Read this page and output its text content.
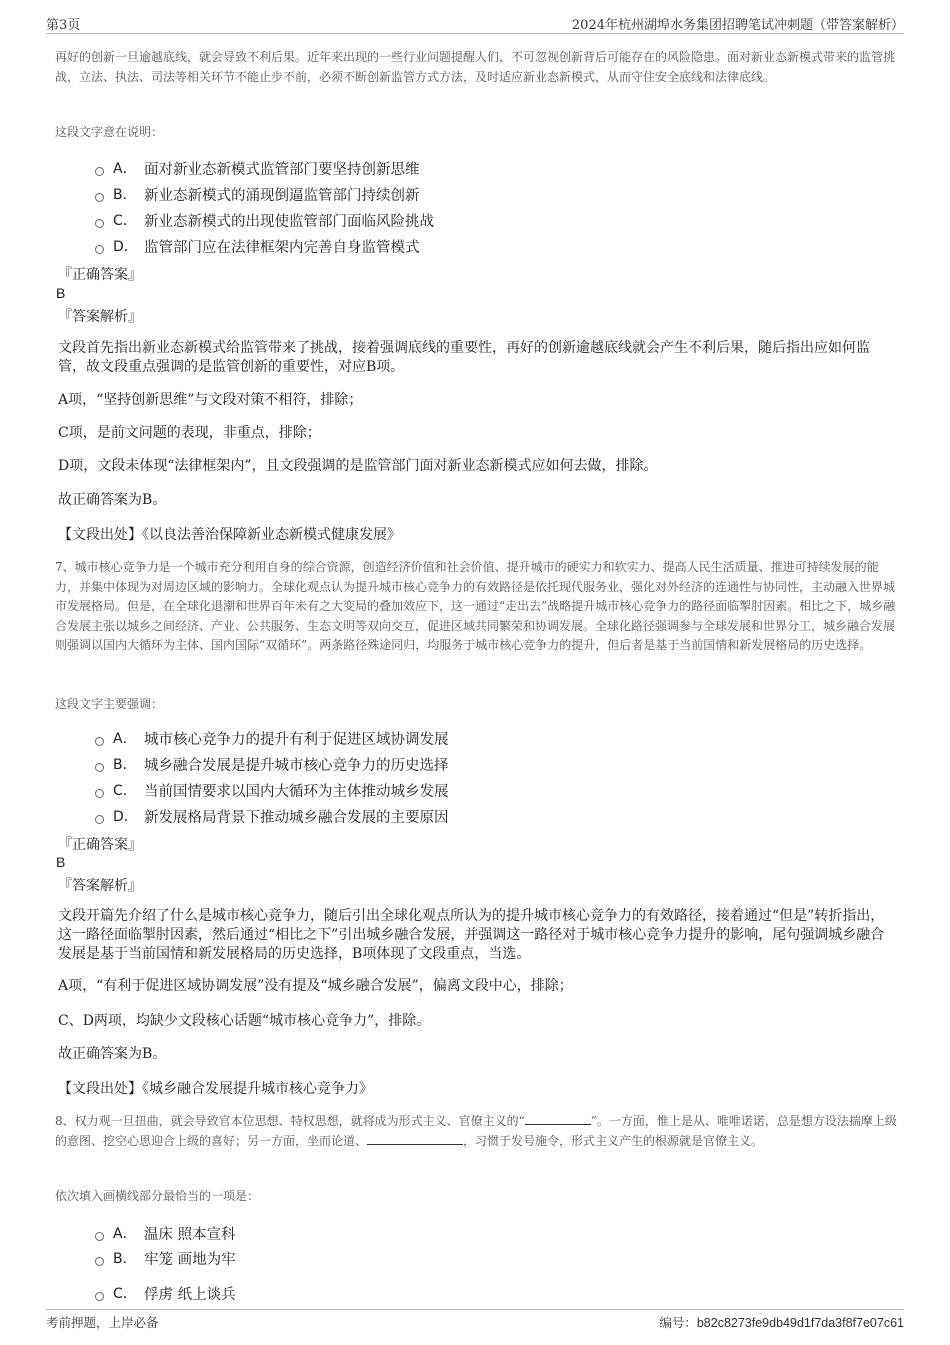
第3页	2024年杭州湖埠水务集团招聘笔试冲刺题（带答案解析）

再好的创新一旦逾越底线，就会导致不利后果。近年来出现的一些行业问题提醒人们，不可忽视创新背后可能存在的风险隐患。面对新业态新模式带来的监管挑战，立法、执法、司法等相关环节不能止步不前，必须不断创新监管方式方法，及时适应新业态新模式，从而守住安全底线和法律底线。

这段文字意在说明：

A． 面对新业态新模式监管部门要坚持创新思维
B． 新业态新模式的涌现倒逼监管部门持续创新
C． 新业态新模式的出现使监管部门面临风险挑战
D． 监管部门应在法律框架内完善自身监管模式

『正确答案』

B

『答案解析』

文段首先指出新业态新模式给监管带来了挑战，接着强调底线的重要性，再好的创新逾越底线就会产生不利后果，随后指出应如何监管，故文段重点强调的是监管创新的重要性，对应B项。

A项，“坚持创新思维”与文段对策不相符，排除；

C项，是前文问题的表现，非重点，排除；

D项，文段未体现“法律框架内”，且文段强调的是监管部门面对新业态新模式应如何去做，排除。

故正确答案为B。

【文段出处】《以良法善治保障新业态新模式健康发展》

7、城市核心竞争力是一个城市充分利用自身的综合资源，创造经济价值和社会价值、提升城市的硬实力和软实力、提高人民生活质量、推进可持续发展的能力，并集中体现为对周边区域的影响力。全球化观点认为提升城市核心竞争力的有效路径是依托现代服务业，强化对外经济的连通性与协同性，主动融入世界城市发展格局。但是，在全球化退潮和世界百年未有之大变局的叠加效应下，这一通过“走出去”战略提升城市核心竞争力的路径面临掣肘因素。相比之下，城乡融合发展主张以城乡之间经济、产业、公共服务、生态文明等双向交互，促进区域共同繁荣和协调发展。全球化路径强调参与全球发展和世界分工，城乡融合发展则强调以国内大循环为主体、国内国际“双循环”。两条路径殊途同归，均服务于城市核心竞争力的提升，但后者是基于当前国情和新发展格局的历史选择。

这段文字主要强调：

A． 城市核心竞争力的提升有利于促进区域协调发展
B． 城乡融合发展是提升城市核心竞争力的历史选择
C． 当前国情要求以国内大循环为主体推动城乡发展
D． 新发展格局背景下推动城乡融合发展的主要原因

『正确答案』

B

『答案解析』

文段开篇先介绍了什么是城市核心竞争力，随后引出全球化观点所认为的提升城市核心竞争力的有效路径，接着通过“但是”转折指出，这一路径面临掣肘因素，然后通过“相比之下”引出城乡融合发展，并强调这一路径对于城市核心竞争力提升的影响，尾句强调城乡融合发展是基于当前国情和新发展格局的历史选择，B项体现了文段重点，当选。

A项，“有利于促进区域协调发展”没有提及“城乡融合发展”，偏离文段中心，排除；

C、D两项，均缺少文段核心话题“城市核心竞争力”，排除。

故正确答案为B。

【文段出处】《城乡融合发展提升城市核心竞争力》

8、权力观一旦扭曲，就会导致官本位思想、特权思想，就将成为形式主义、官僚主义的“	”。一方面，惟上是从、唯唯诺诺，总是想方设法揣摩上级的意图、挖空心思迎合上级的喜好；另一方面，坐而论道、	，习惯于发号施令，形式主义产生的根源就是官僚主义。

依次填入画横线部分最恰当的一项是：

A． 温床 照本宣科
B． 牢笼 画地为牢
C． 俘虏 纸上谈兵
考前押题，上岸必备	编号：b82c8273fe9db49d1f7da3f8f7e07c61
